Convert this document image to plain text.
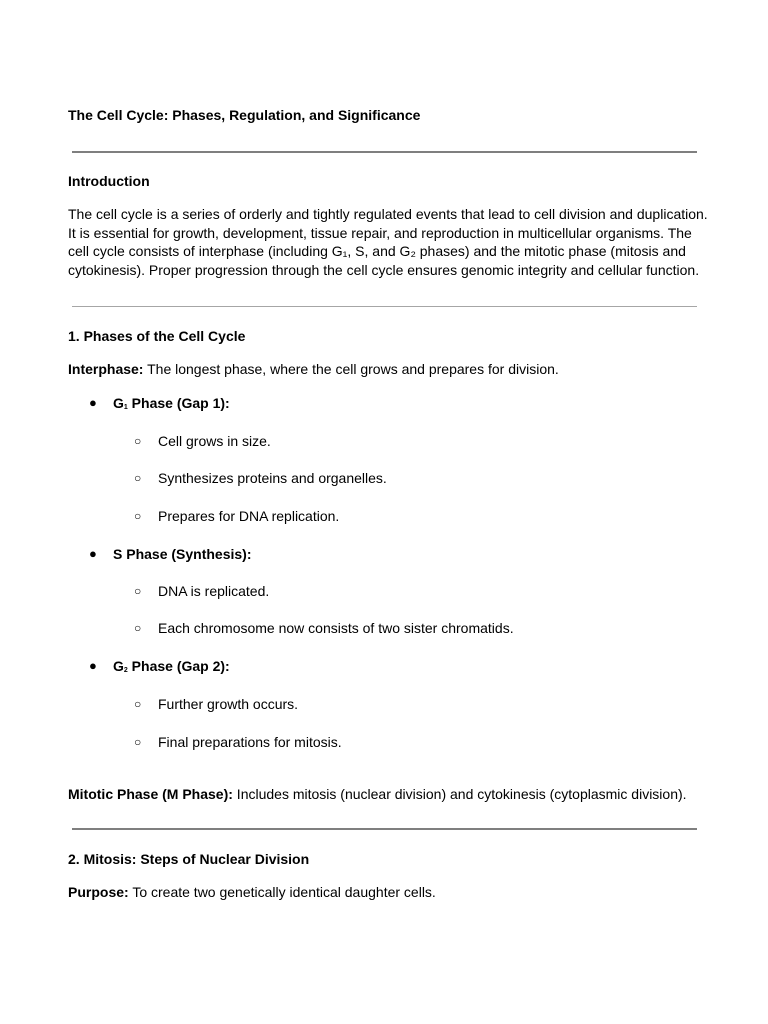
The Cell Cycle: Phases, Regulation, and Significance
Introduction
The cell cycle is a series of orderly and tightly regulated events that lead to cell division and duplication. It is essential for growth, development, tissue repair, and reproduction in multicellular organisms. The cell cycle consists of interphase (including G₁, S, and G₂ phases) and the mitotic phase (mitosis and cytokinesis). Proper progression through the cell cycle ensures genomic integrity and cellular function.
1. Phases of the Cell Cycle
Interphase: The longest phase, where the cell grows and prepares for division.
● $G_1$ Phase (Gap 1):
○ Cell grows in size.
○ Synthesizes proteins and organelles.
○ Prepares for DNA replication.
● S Phase (Synthesis):
○ DNA is replicated.
○ Each chromosome now consists of two sister chromatids.
● $G_2$ Phase (Gap 2):
○ Further growth occurs.
○ Final preparations for mitosis.
Mitotic Phase (M Phase): Includes mitosis (nuclear division) and cytokinesis (cytoplasmic division).
2. Mitosis: Steps of Nuclear Division
Purpose: To create two genetically identical daughter cells.
